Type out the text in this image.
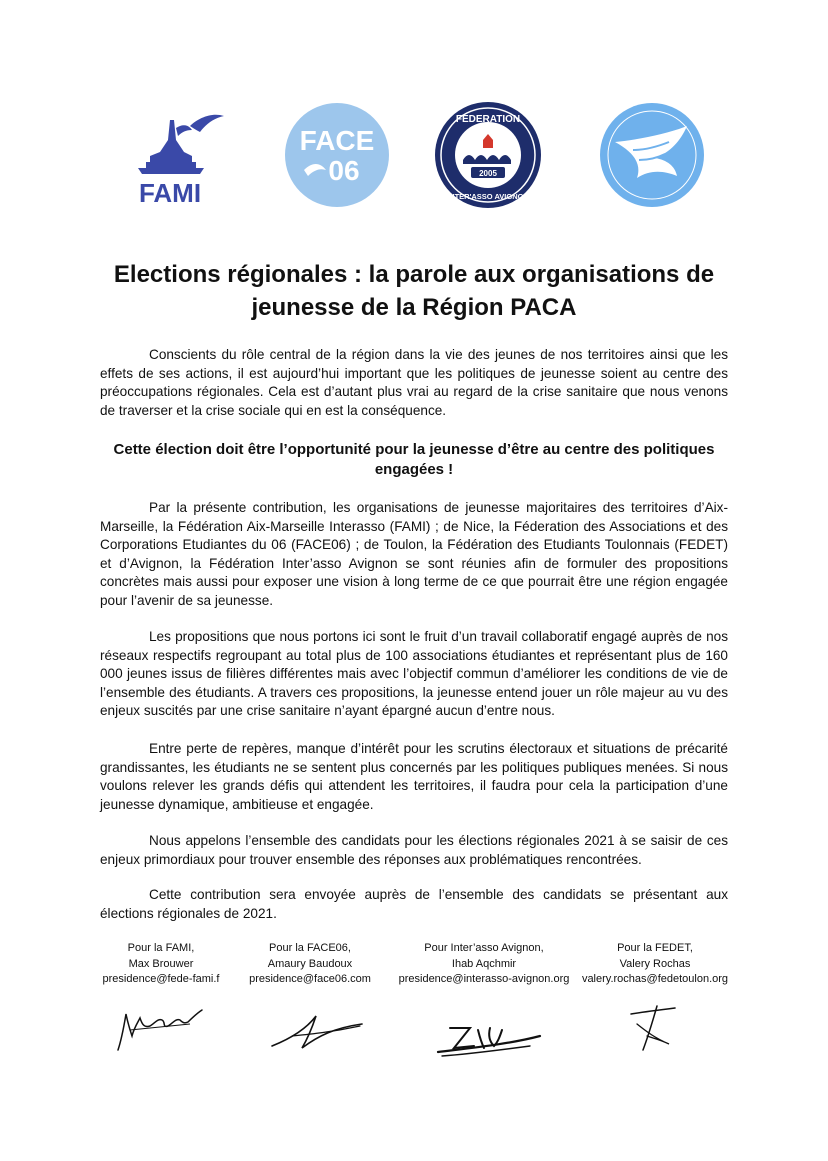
FAMI
FACE
06
FEDERATION
INTER'ASSO AVIGNON
2005
Elections régionales : la parole aux organisations de jeunesse de la Région PACA

Conscients du rôle central de la région dans la vie des jeunes de nos territoires ainsi que les effets de ses actions, il est aujourd’hui important que les politiques de jeunesse soient au centre des préoccupations régionales. Cela est d’autant plus vrai au regard de la crise sanitaire que nous venons de traverser et la crise sociale qui en est la conséquence.

Cette élection doit être l’opportunité pour la jeunesse d’être au centre des politiques engagées !

Par la présente contribution, les organisations de jeunesse majoritaires des territoires d’Aix-Marseille, la Fédération Aix-Marseille Interasso (FAMI) ; de Nice, la Féderation des Associations et des Corporations Etudiantes du 06 (FACE06) ; de Toulon, la Fédération des Etudiants Toulonnais (FEDET) et d’Avignon, la Fédération Inter’asso Avignon se sont réunies afin de formuler des propositions concrètes mais aussi pour exposer une vision à long terme de ce que pourrait être une région engagée pour l’avenir de sa jeunesse.

Les propositions que nous portons ici sont le fruit d’un travail collaboratif engagé auprès de nos réseaux respectifs regroupant au total plus de 100 associations étudiantes et représentant plus de 160 000 jeunes issus de filières différentes mais avec l’objectif commun d’améliorer les conditions de vie de l’ensemble des étudiants. A travers ces propositions, la jeunesse entend jouer un rôle majeur au vu des enjeux suscités par une crise sanitaire n’ayant épargné aucun d’entre nous.

Entre perte de repères, manque d’intérêt pour les scrutins électoraux et situations de précarité grandissantes, les étudiants ne se sentent plus concernés par les politiques publiques menées. Si nous voulons relever les grands défis qui attendent les territoires, il faudra pour cela la participation d’une jeunesse dynamique, ambitieuse et engagée.

Nous appelons l’ensemble des candidats pour les élections régionales 2021 à se saisir de ces enjeux primordiaux pour trouver ensemble des réponses aux problématiques rencontrées.

Cette contribution sera envoyée auprès de l’ensemble des candidats se présentant aux élections régionales de 2021.

Pour la FAMI,
Max Brouwer
presidence@fede-fami.f
Pour la FACE06,
Amaury Baudoux
presidence@face06.com
Pour Inter’asso Avignon,
Ihab Aqchmir
presidence@interasso-avignon.org
Pour la FEDET,
Valery Rochas
valery.rochas@fedetoulon.org
